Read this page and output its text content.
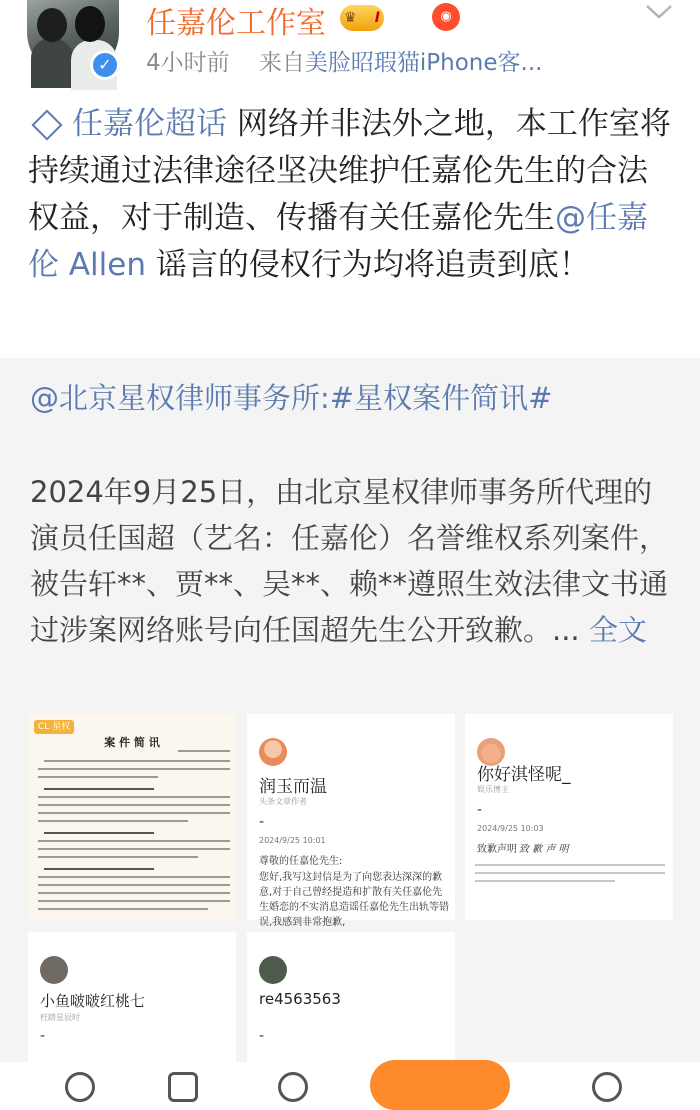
✓
任嘉伦工作室 ♛ I	◉
4小时前 来自美脸昭瑕猫iPhone客...
任嘉伦超话 网络并非法外之地，本工作室将持续通过法律途径坚决维护任嘉伦先生的合法权益，对于制造、传播有关任嘉伦先生@任嘉伦 Allen 谣言的侵权行为均将追责到底！
@北京星权律师事务所:#星权案件简讯#
2024年9月25日，由北京星权律师事务所代理的演员任国超（艺名：任嘉伦）名誉维权系列案件，被告轩**、贾**、吴**、赖**遵照生效法律文书通过涉案网络账号向任国超先生公开致歉。... 全文
CL 星权
案 件 简 讯
润玉而温
头条文章作者
-
2024/9/25 10:01
尊敬的任嘉伦先生:
您好,我写这封信是为了向您表达深深的歉意,对于自己曾经提造和扩散有关任嘉伦先生婚恋的不实消息造谣任嘉伦先生出轨等错误,我感到非常抱歉,
你好淇怪呢_
娱乐博主
-
2024/9/25 10:03
致歉声明 致 歉 声 明
小鱼啵啵红桃七
枉踏星辰时
-
re4563563
-
